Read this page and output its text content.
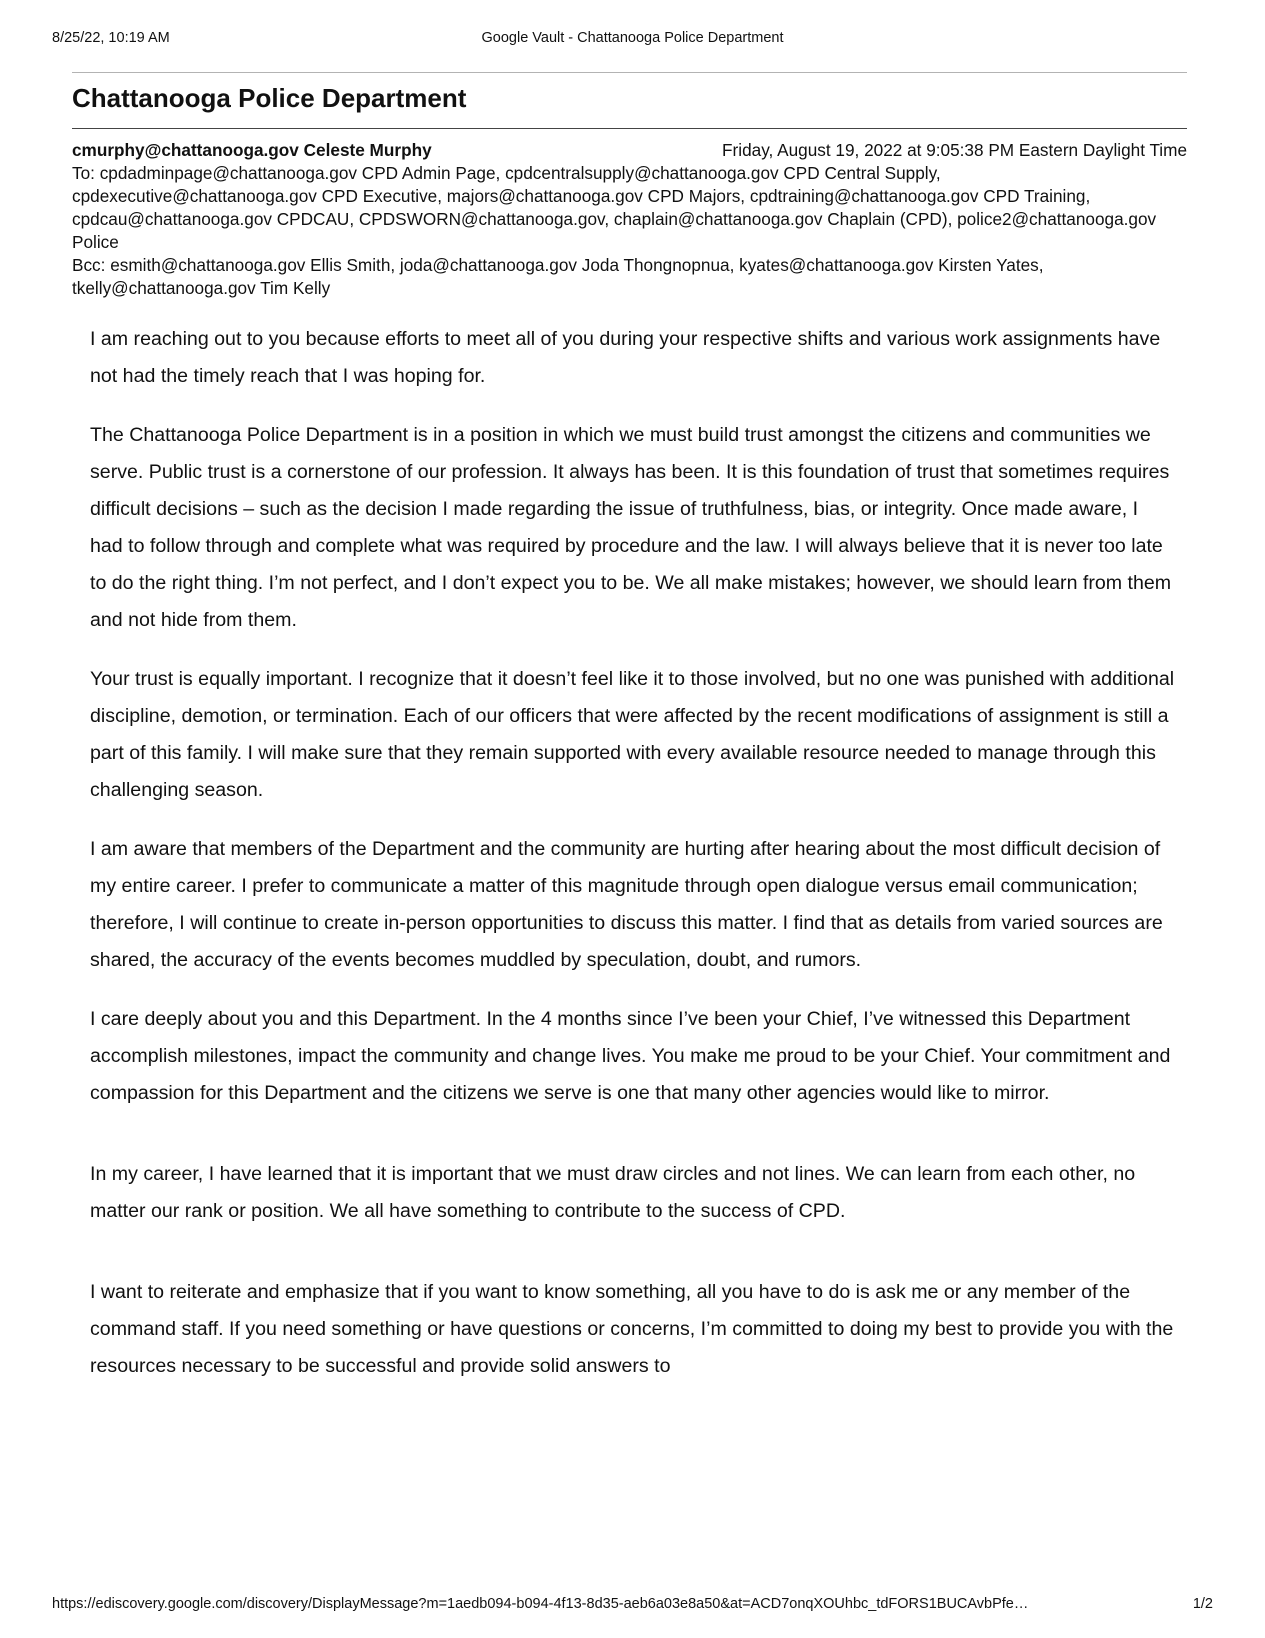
8/25/22, 10:19 AM	Google Vault - Chattanooga Police Department
Chattanooga Police Department
cmurphy@chattanooga.gov Celeste Murphy	Friday, August 19, 2022 at 9:05:38 PM Eastern Daylight Time

To: cpdadminpage@chattanooga.gov CPD Admin Page, cpdcentralsupply@chattanooga.gov CPD Central Supply, cpdexecutive@chattanooga.gov CPD Executive, majors@chattanooga.gov CPD Majors, cpdtraining@chattanooga.gov CPD Training, cpdcau@chattanooga.gov CPDCAU, CPDSWORN@chattanooga.gov, chaplain@chattanooga.gov Chaplain (CPD), police2@chattanooga.gov Police

Bcc: esmith@chattanooga.gov Ellis Smith, joda@chattanooga.gov Joda Thongnopnua, kyates@chattanooga.gov Kirsten Yates, tkelly@chattanooga.gov Tim Kelly

I am reaching out to you because efforts to meet all of you during your respective shifts and various work assignments have not had the timely reach that I was hoping for.

The Chattanooga Police Department is in a position in which we must build trust amongst the citizens and communities we serve. Public trust is a cornerstone of our profession. It always has been. It is this foundation of trust that sometimes requires difficult decisions – such as the decision I made regarding the issue of truthfulness, bias, or integrity. Once made aware, I had to follow through and complete what was required by procedure and the law. I will always believe that it is never too late to do the right thing. I’m not perfect, and I don’t expect you to be. We all make mistakes; however, we should learn from them and not hide from them.

Your trust is equally important. I recognize that it doesn’t feel like it to those involved, but no one was punished with additional discipline, demotion, or termination. Each of our officers that were affected by the recent modifications of assignment is still a part of this family. I will make sure that they remain supported with every available resource needed to manage through this challenging season.

I am aware that members of the Department and the community are hurting after hearing about the most difficult decision of my entire career. I prefer to communicate a matter of this magnitude through open dialogue versus email communication; therefore, I will continue to create in-person opportunities to discuss this matter. I find that as details from varied sources are shared, the accuracy of the events becomes muddled by speculation, doubt, and rumors.

I care deeply about you and this Department. In the 4 months since I’ve been your Chief, I’ve witnessed this Department accomplish milestones, impact the community and change lives. You make me proud to be your Chief. Your commitment and compassion for this Department and the citizens we serve is one that many other agencies would like to mirror.

In my career, I have learned that it is important that we must draw circles and not lines. We can learn from each other, no matter our rank or position. We all have something to contribute to the success of CPD.

I want to reiterate and emphasize that if you want to know something, all you have to do is ask me or any member of the command staff. If you need something or have questions or concerns, I’m committed to doing my best to provide you with the resources necessary to be successful and provide solid answers to

https://ediscovery.google.com/discovery/DisplayMessage?m=1aedb094-b094-4f13-8d35-aeb6a03e8a50&at=ACD7onqXOUhbc_tdFORS1BUCAvbPfe…	1/2
